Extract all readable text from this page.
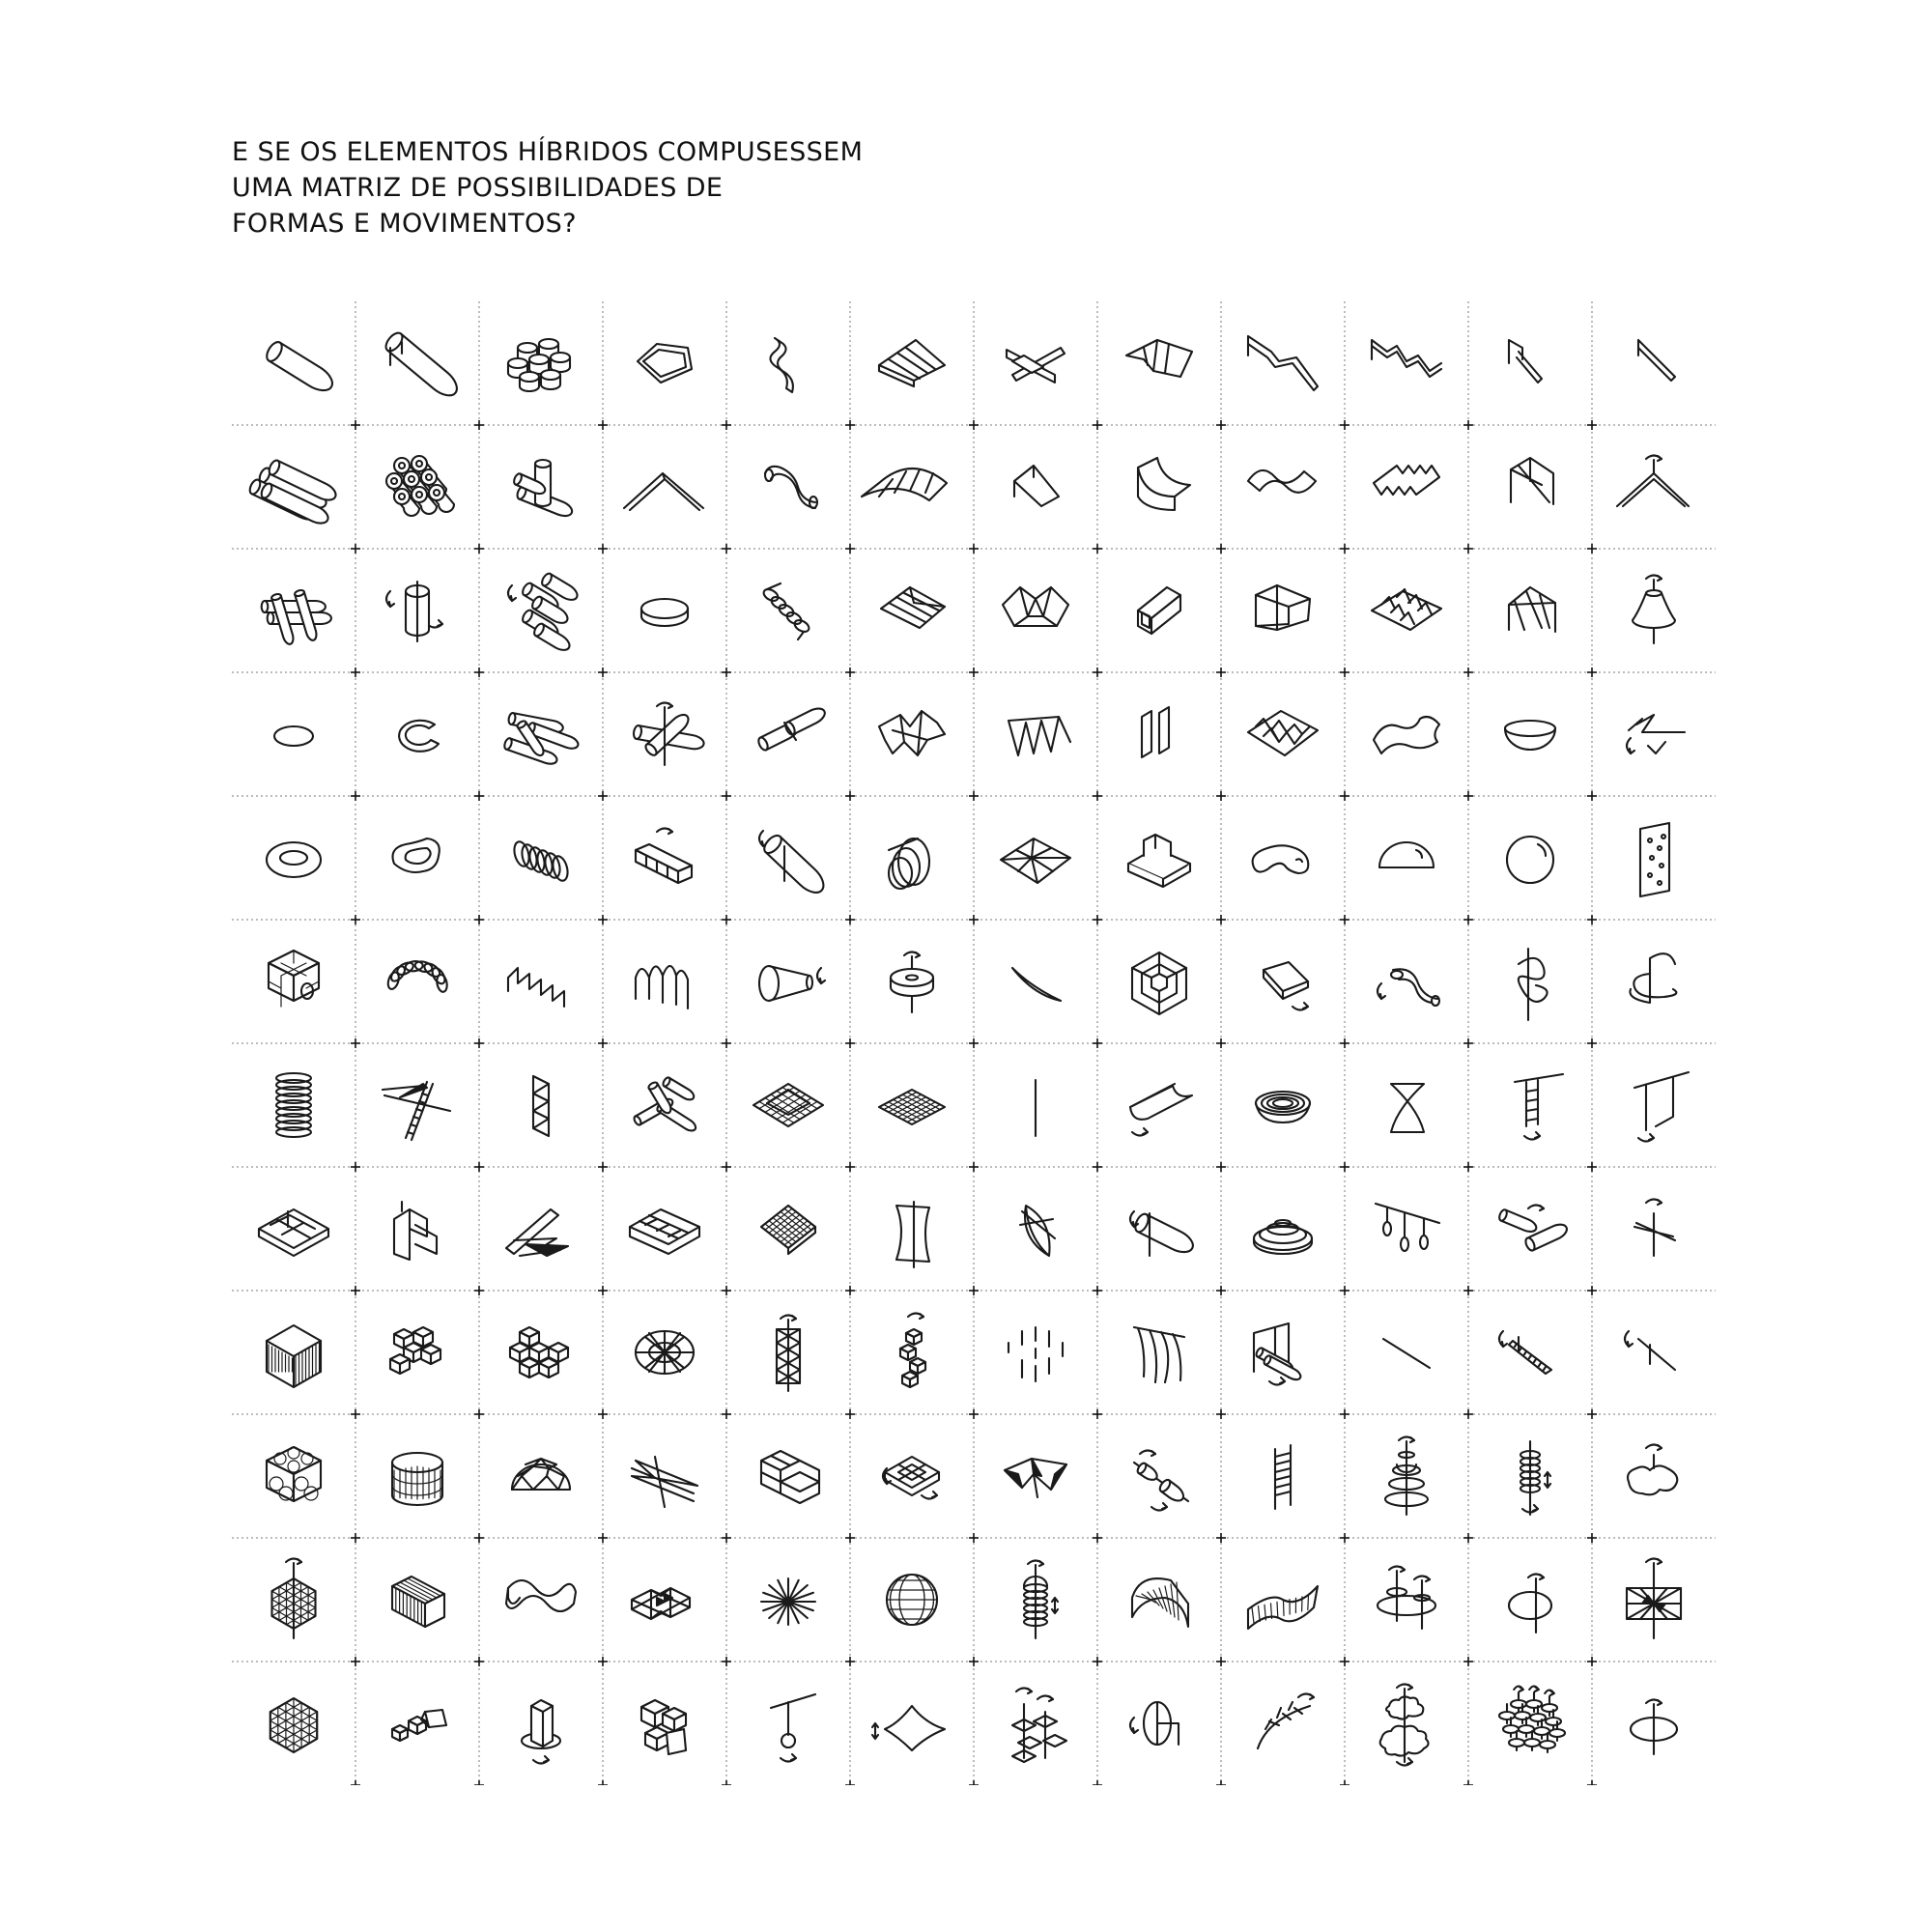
E SE OS ELEMENTOS HÍBRIDOS COMPUSESSEM
UMA MATRIZ DE POSSIBILIDADES DE
FORMAS E MOVIMENTOS?
